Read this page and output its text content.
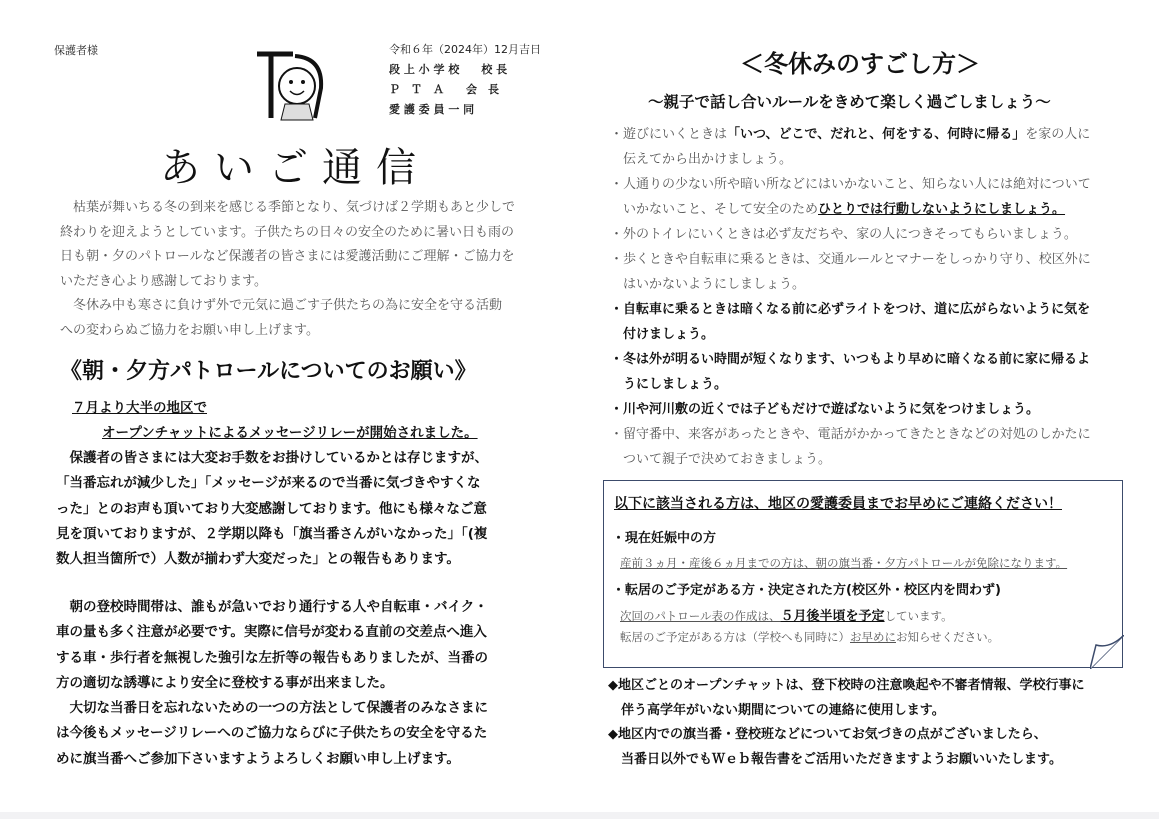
保護者様	令和６年（2024年）12月吉日
段 上 小 学 校　　校 長
Ｐ　Ｔ　Ａ　　会　長
愛 護 委 員 一 同
あいご通信

枯葉が舞いちる冬の到来を感じる季節となり、気づけば２学期もあと少しで

終わりを迎えようとしています。子供たちの日々の安全のために暑い日も雨の

日も朝・夕のパトロールなど保護者の皆さまには愛護活動にご理解・ご協力を

いただき心より感謝しております。

冬休み中も寒さに負けず外で元気に過ごす子供たちの為に安全を守る活動

への変わらぬご協力をお願い申し上げます。

《朝・夕方パトロールについてのお願い》
７月より大半の地区で
オープンチャットによるメッセージリレーが開始されました。

保護者の皆さまには大変お手数をお掛けしているかとは存じますが、

「当番忘れが減少した」「メッセージが来るので当番に気づきやすくな

った」とのお声も頂いており大変感謝しております。他にも様々なご意

見を頂いておりますが、２学期以降も「旗当番さんがいなかった」「(複

数人担当箇所で）人数が揃わず大変だった」との報告もあります。

朝の登校時間帯は、誰もが急いでおり通行する人や自転車・バイク・

車の量も多く注意が必要です。実際に信号が変わる直前の交差点へ進入

する車・歩行者を無視した強引な左折等の報告もありましたが、当番の

方の適切な誘導により安全に登校する事が出来ました。

大切な当番日を忘れないための一つの方法として保護者のみなさまに

は今後もメッセージリレーへのご協力ならびに子供たちの安全を守るた

めに旗当番へご参加下さいますようよろしくお願い申し上げます。

＜冬休みのすごし方＞
～親子で話し合いルールをきめて楽しく過ごしましょう～
・遊びにいくときは「いつ、どこで、だれと、何をする、何時に帰る」を家の人に
　伝えてから出かけましょう。
・人通りの少ない所や暗い所などにはいかないこと、知らない人には絶対について
　いかないこと、そして安全のためひとりでは行動しないようにしましょう。
・外のトイレにいくときは必ず友だちや、家の人につきそってもらいましょう。
・歩くときや自転車に乗るときは、交通ルールとマナーをしっかり守り、校区外に
　はいかないようにしましょう。
・自転車に乗るときは暗くなる前に必ずライトをつけ、道に広がらないように気を
　付けましょう。
・冬は外が明るい時間が短くなります、いつもより早めに暗くなる前に家に帰るよ
　うにしましょう。
・川や河川敷の近くでは子どもだけで遊ばないように気をつけましょう。
・留守番中、来客があったときや、電話がかかってきたときなどの対処のしかたに
　ついて親子で決めておきましょう。
以下に該当される方は、地区の愛護委員までお早めにご連絡ください！
・現在妊娠中の方
産前３ヵ月・産後６ヵ月までの方は、朝の旗当番・夕方パトロールが免除になります。
・転居のご予定がある方・決定された方(校区外・校区内を問わず)
次回のパトロール表の作成は、５月後半頃を予定しています。
転居のご予定がある方は（学校へも同時に）お早めにお知らせください。

◆地区ごとのオープンチャットは、登下校時の注意喚起や不審者情報、学校行事に

　伴う高学年がいない期間についての連絡に使用します。

◆地区内での旗当番・登校班などについてお気づきの点がございましたら、

　当番日以外でもＷｅｂ報告書をご活用いただきますようお願いいたします。
